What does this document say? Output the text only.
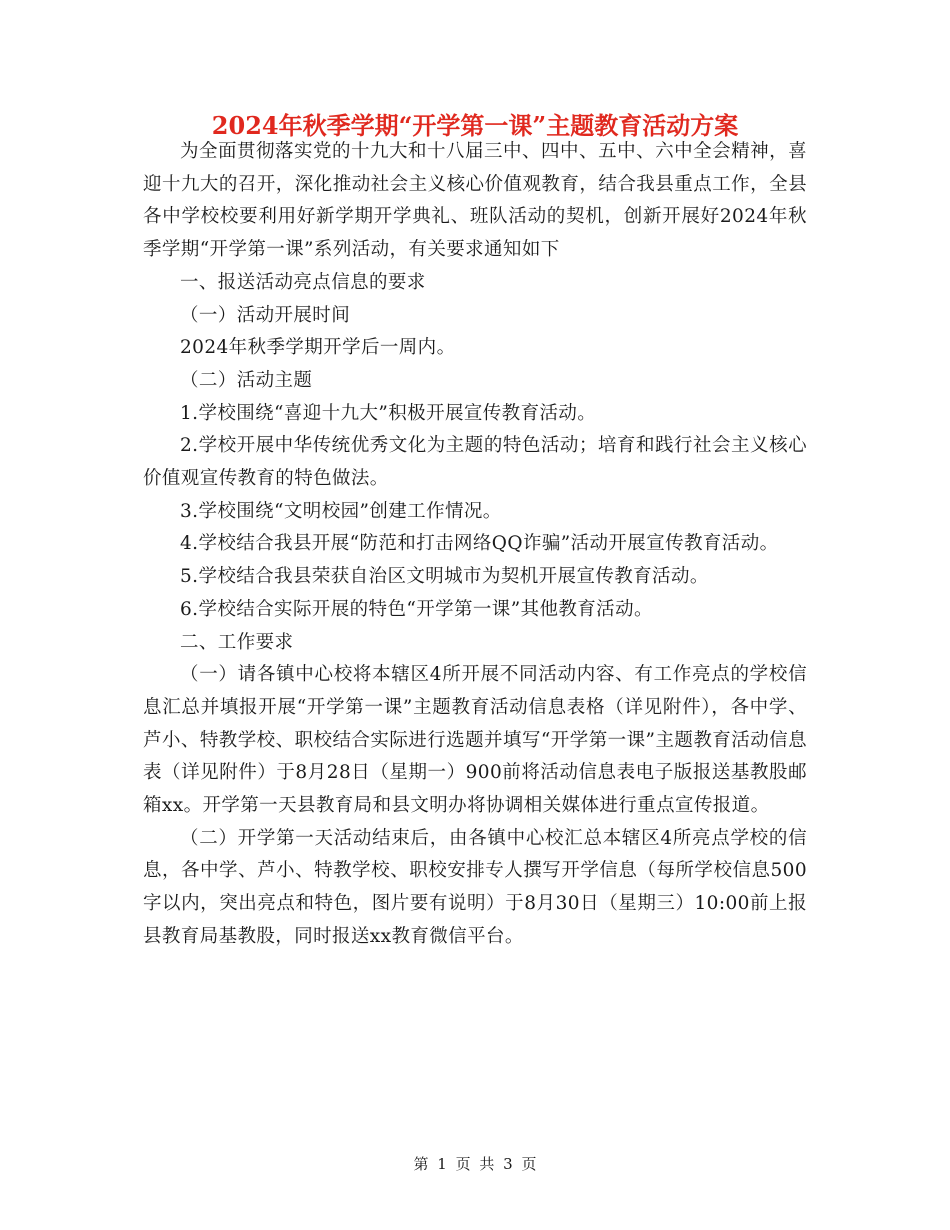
2024年秋季学期“开学第一课”主题教育活动方案

为全面贯彻落实党的十九大和十八届三中、四中、五中、六中全会精神，喜迎十九大的召开，深化推动社会主义核心价值观教育，结合我县重点工作，全县各中学校校要利用好新学期开学典礼、班队活动的契机，创新开展好2024年秋季学期“开学第一课”系列活动，有关要求通知如下

一、报送活动亮点信息的要求

（一）活动开展时间

2024年秋季学期开学后一周内。

（二）活动主题

1.学校围绕“喜迎十九大”积极开展宣传教育活动。

2.学校开展中华传统优秀文化为主题的特色活动；培育和践行社会主义核心价值观宣传教育的特色做法。

3.学校围绕“文明校园”创建工作情况。

4.学校结合我县开展“防范和打击网络QQ诈骗”活动开展宣传教育活动。

5.学校结合我县荣获自治区文明城市为契机开展宣传教育活动。

6.学校结合实际开展的特色“开学第一课”其他教育活动。

二、工作要求

（一）请各镇中心校将本辖区4所开展不同活动内容、有工作亮点的学校信息汇总并填报开展“开学第一课”主题教育活动信息表格（详见附件），各中学、芦小、特教学校、职校结合实际进行选题并填写“开学第一课”主题教育活动信息表（详见附件）于8月28日（星期一）900前将活动信息表电子版报送基教股邮箱xx。开学第一天县教育局和县文明办将协调相关媒体进行重点宣传报道。

（二）开学第一天活动结束后，由各镇中心校汇总本辖区4所亮点学校的信息，各中学、芦小、特教学校、职校安排专人撰写开学信息（每所学校信息500字以内，突出亮点和特色，图片要有说明）于8月30日（星期三）10:00前上报县教育局基教股，同时报送xx教育微信平台。

第 1 页 共 3 页
